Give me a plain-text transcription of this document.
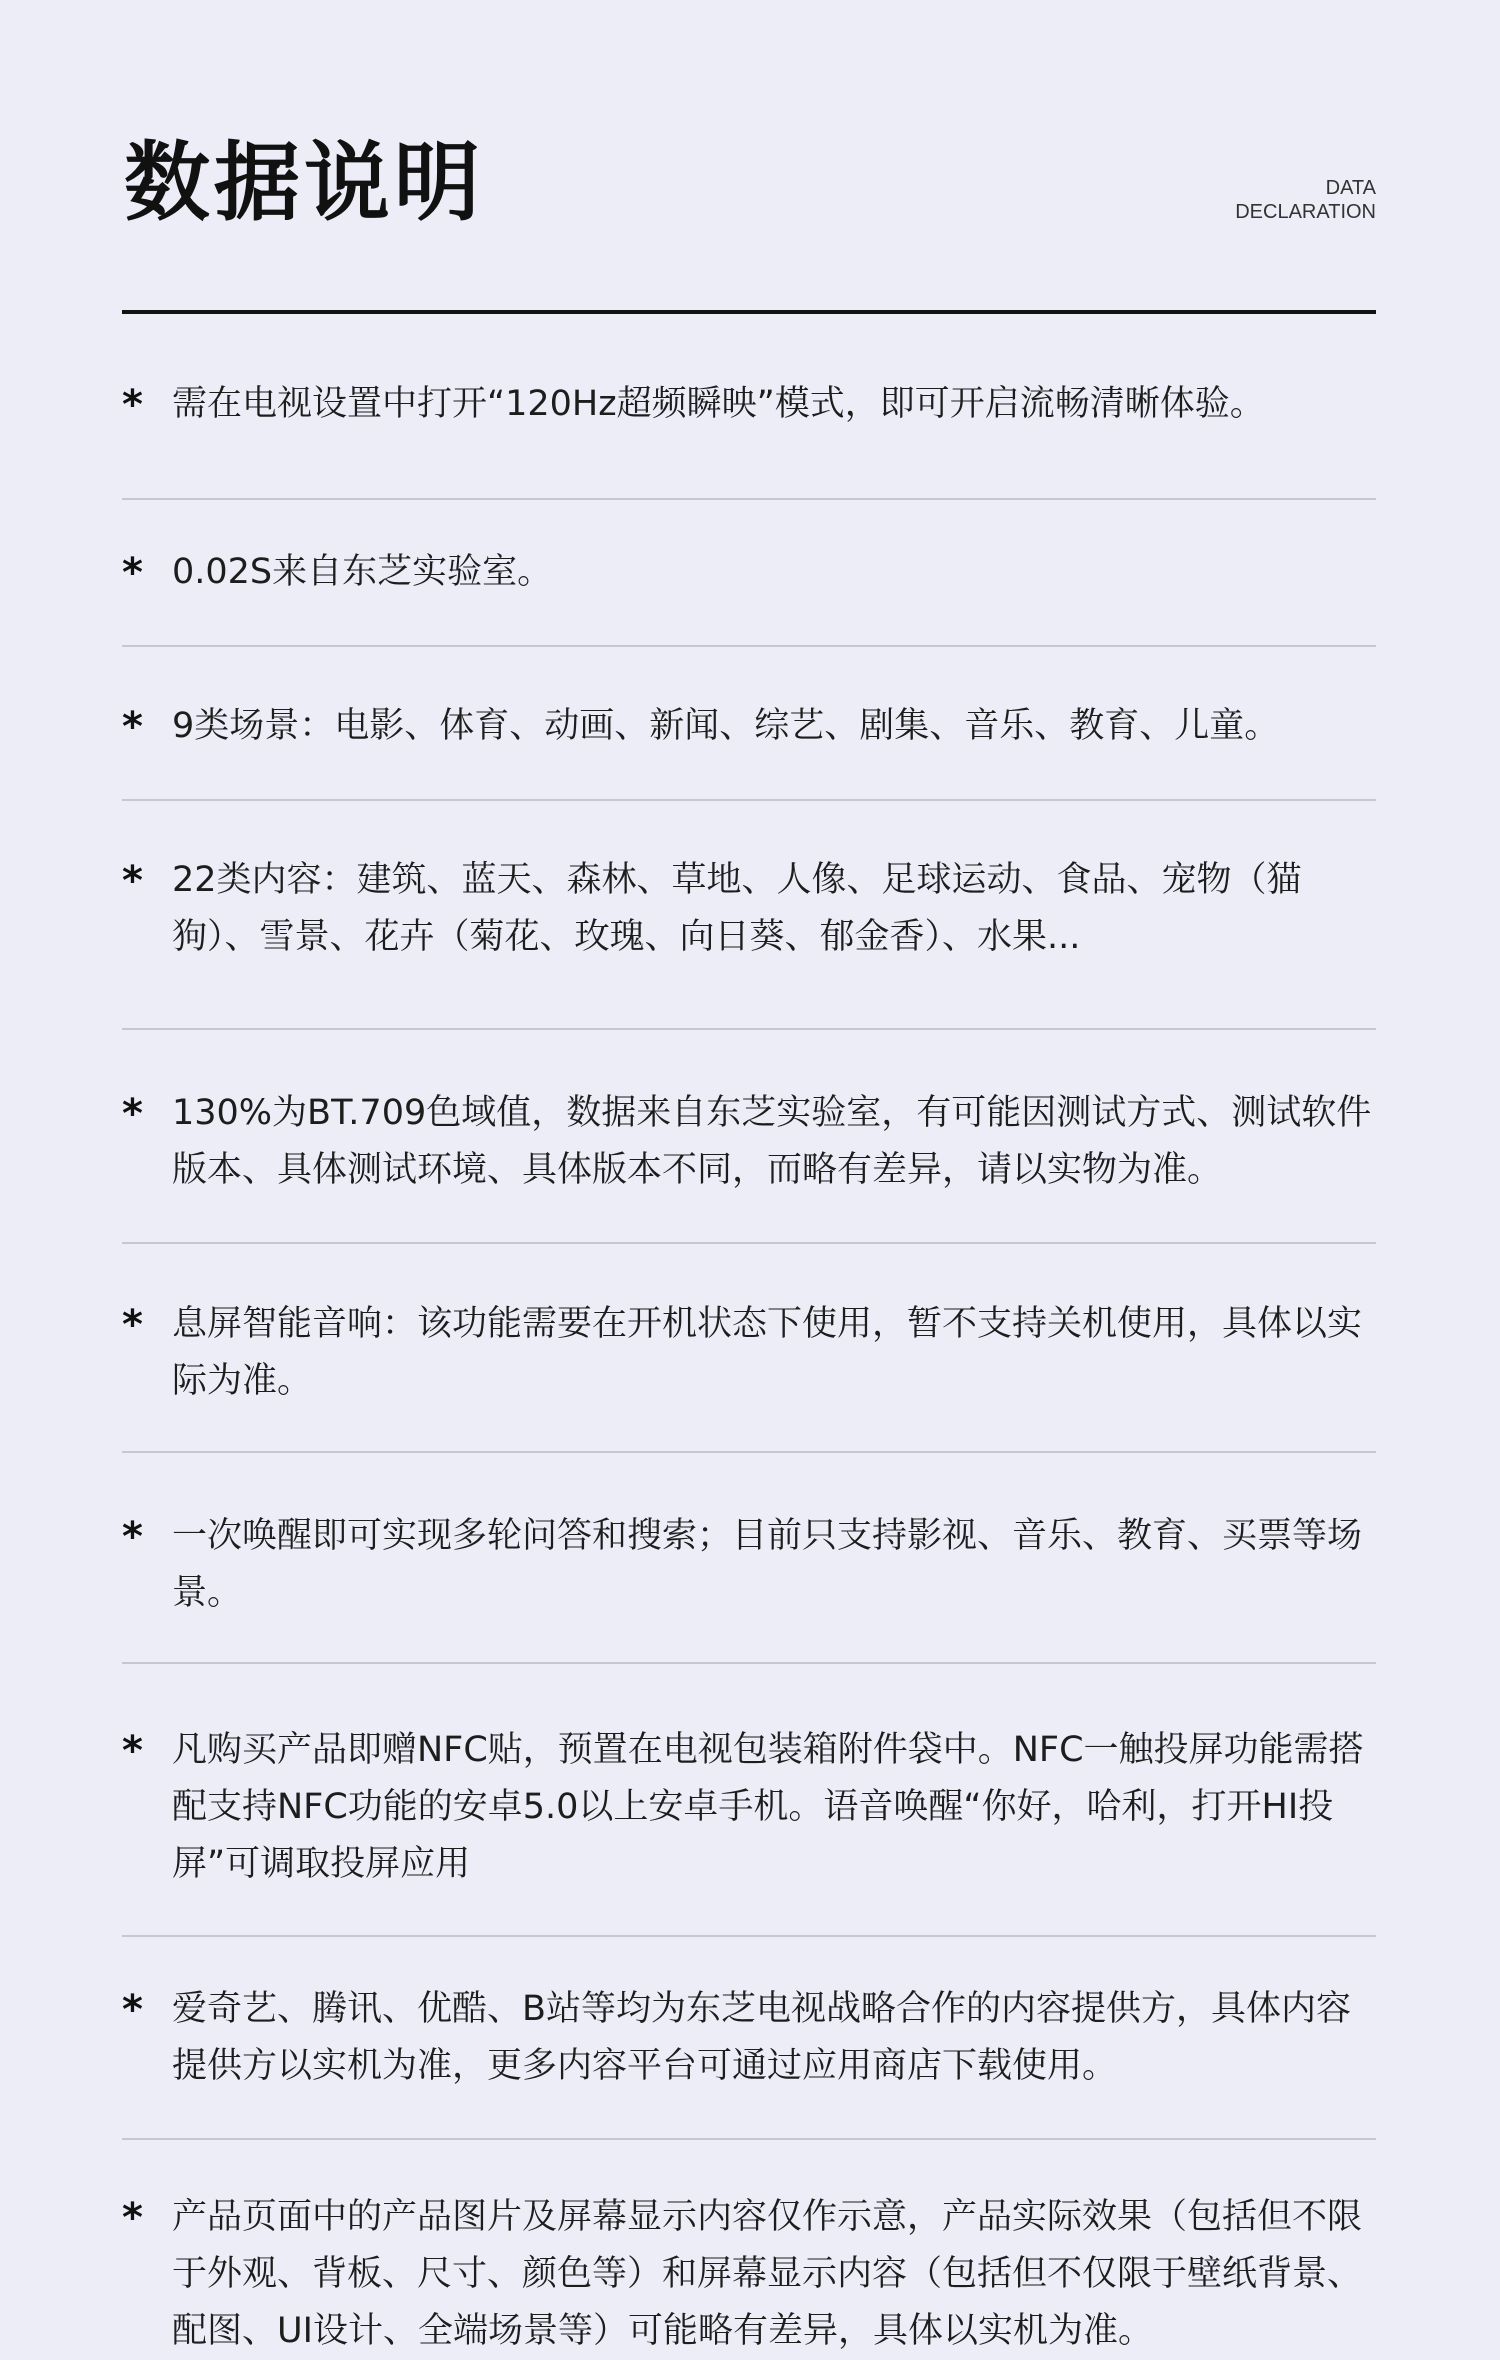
数据说明	DATA
DECLARATION
* 需在电视设置中打开“120Hz超频瞬映”模式，即可开启流畅清晰体验。

* 0.02S来自东芝实验室。

* 9类场景：电影、体育、动画、新闻、综艺、剧集、音乐、教育、儿童。

* 22类内容：建筑、蓝天、森林、草地、人像、足球运动、食品、宠物（猫狗）、雪景、花卉（菊花、玫瑰、向日葵、郁金香）、水果...

* 130%为BT.709色域值，数据来自东芝实验室，有可能因测试方式、测试软件版本、具体测试环境、具体版本不同，而略有差异，请以实物为准。

* 息屏智能音响：该功能需要在开机状态下使用，暂不支持关机使用，具体以实际为准。

* 一次唤醒即可实现多轮问答和搜索；目前只支持影视、音乐、教育、买票等场景。

* 凡购买产品即赠NFC贴，预置在电视包装箱附件袋中。NFC一触投屏功能需搭配支持NFC功能的安卓5.0以上安卓手机。语音唤醒“你好，哈利，打开HI投屏”可调取投屏应用

* 爱奇艺、腾讯、优酷、B站等均为东芝电视战略合作的内容提供方，具体内容提供方以实机为准，更多内容平台可通过应用商店下载使用。

* 产品页面中的产品图片及屏幕显示内容仅作示意，产品实际效果（包括但不限于外观、背板、尺寸、颜色等）和屏幕显示内容（包括但不仅限于壁纸背景、配图、UI设计、全端场景等）可能略有差异，具体以实机为准。
